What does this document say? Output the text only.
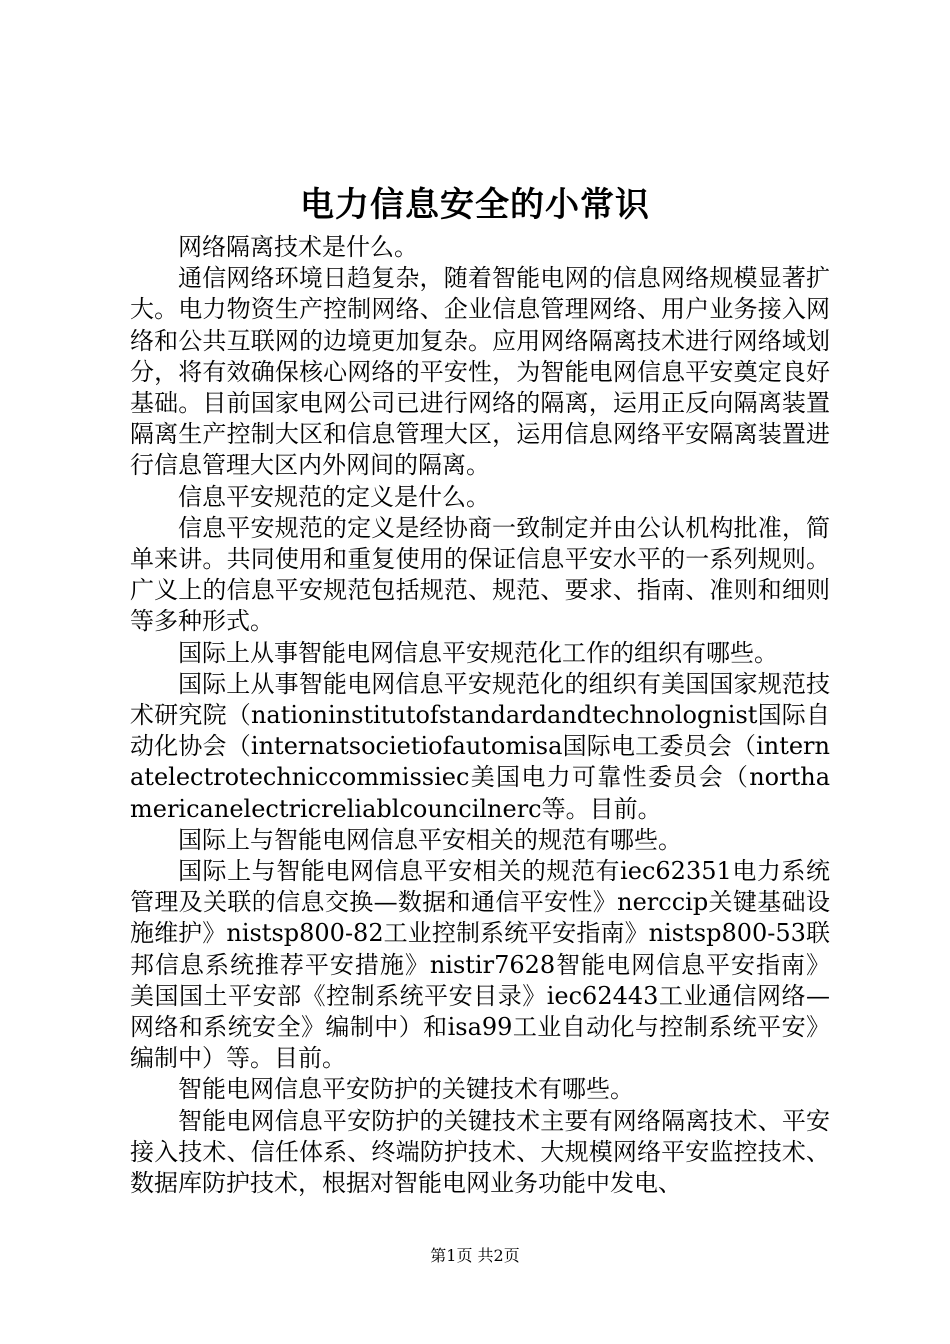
电力信息安全的小常识

网络隔离技术是什么。

通信网络环境日趋复杂，随着智能电网的信息网络规模显著扩大。电力物资生产控制网络、企业信息管理网络、用户业务接入网络和公共互联网的边境更加复杂。应用网络隔离技术进行网络域划分，将有效确保核心网络的平安性，为智能电网信息平安奠定良好基础。目前国家电网公司已进行网络的隔离，运用正反向隔离装置隔离生产控制大区和信息管理大区，运用信息网络平安隔离装置进行信息管理大区内外网间的隔离。

信息平安规范的定义是什么。

信息平安规范的定义是经协商一致制定并由公认机构批准，简单来讲。共同使用和重复使用的保证信息平安水平的一系列规则。广义上的信息平安规范包括规范、规范、要求、指南、准则和细则等多种形式。

国际上从事智能电网信息平安规范化工作的组织有哪些。

国际上从事智能电网信息平安规范化的组织有美国国家规范技术研究院（nationinstitutofstandardandtechnolognist国际自动化协会（internatsocietiofautomisa国际电工委员会（internatelectrotechniccommissiec美国电力可靠性委员会（northamericanelectricreliablcouncilnerc等。目前。

国际上与智能电网信息平安相关的规范有哪些。

国际上与智能电网信息平安相关的规范有iec62351电力系统管理及关联的信息交换—数据和通信平安性》nerccip关键基础设施维护》nistsp800-82工业控制系统平安指南》nistsp800-53联邦信息系统推荐平安措施》nistir7628智能电网信息平安指南》美国国土平安部《控制系统平安目录》iec62443工业通信网络—网络和系统安全》编制中）和isa99工业自动化与控制系统平安》编制中）等。目前。

智能电网信息平安防护的关键技术有哪些。

智能电网信息平安防护的关键技术主要有网络隔离技术、平安接入技术、信任体系、终端防护技术、大规模网络平安监控技术、数据库防护技术，根据对智能电网业务功能中发电、

第1页 共2页
